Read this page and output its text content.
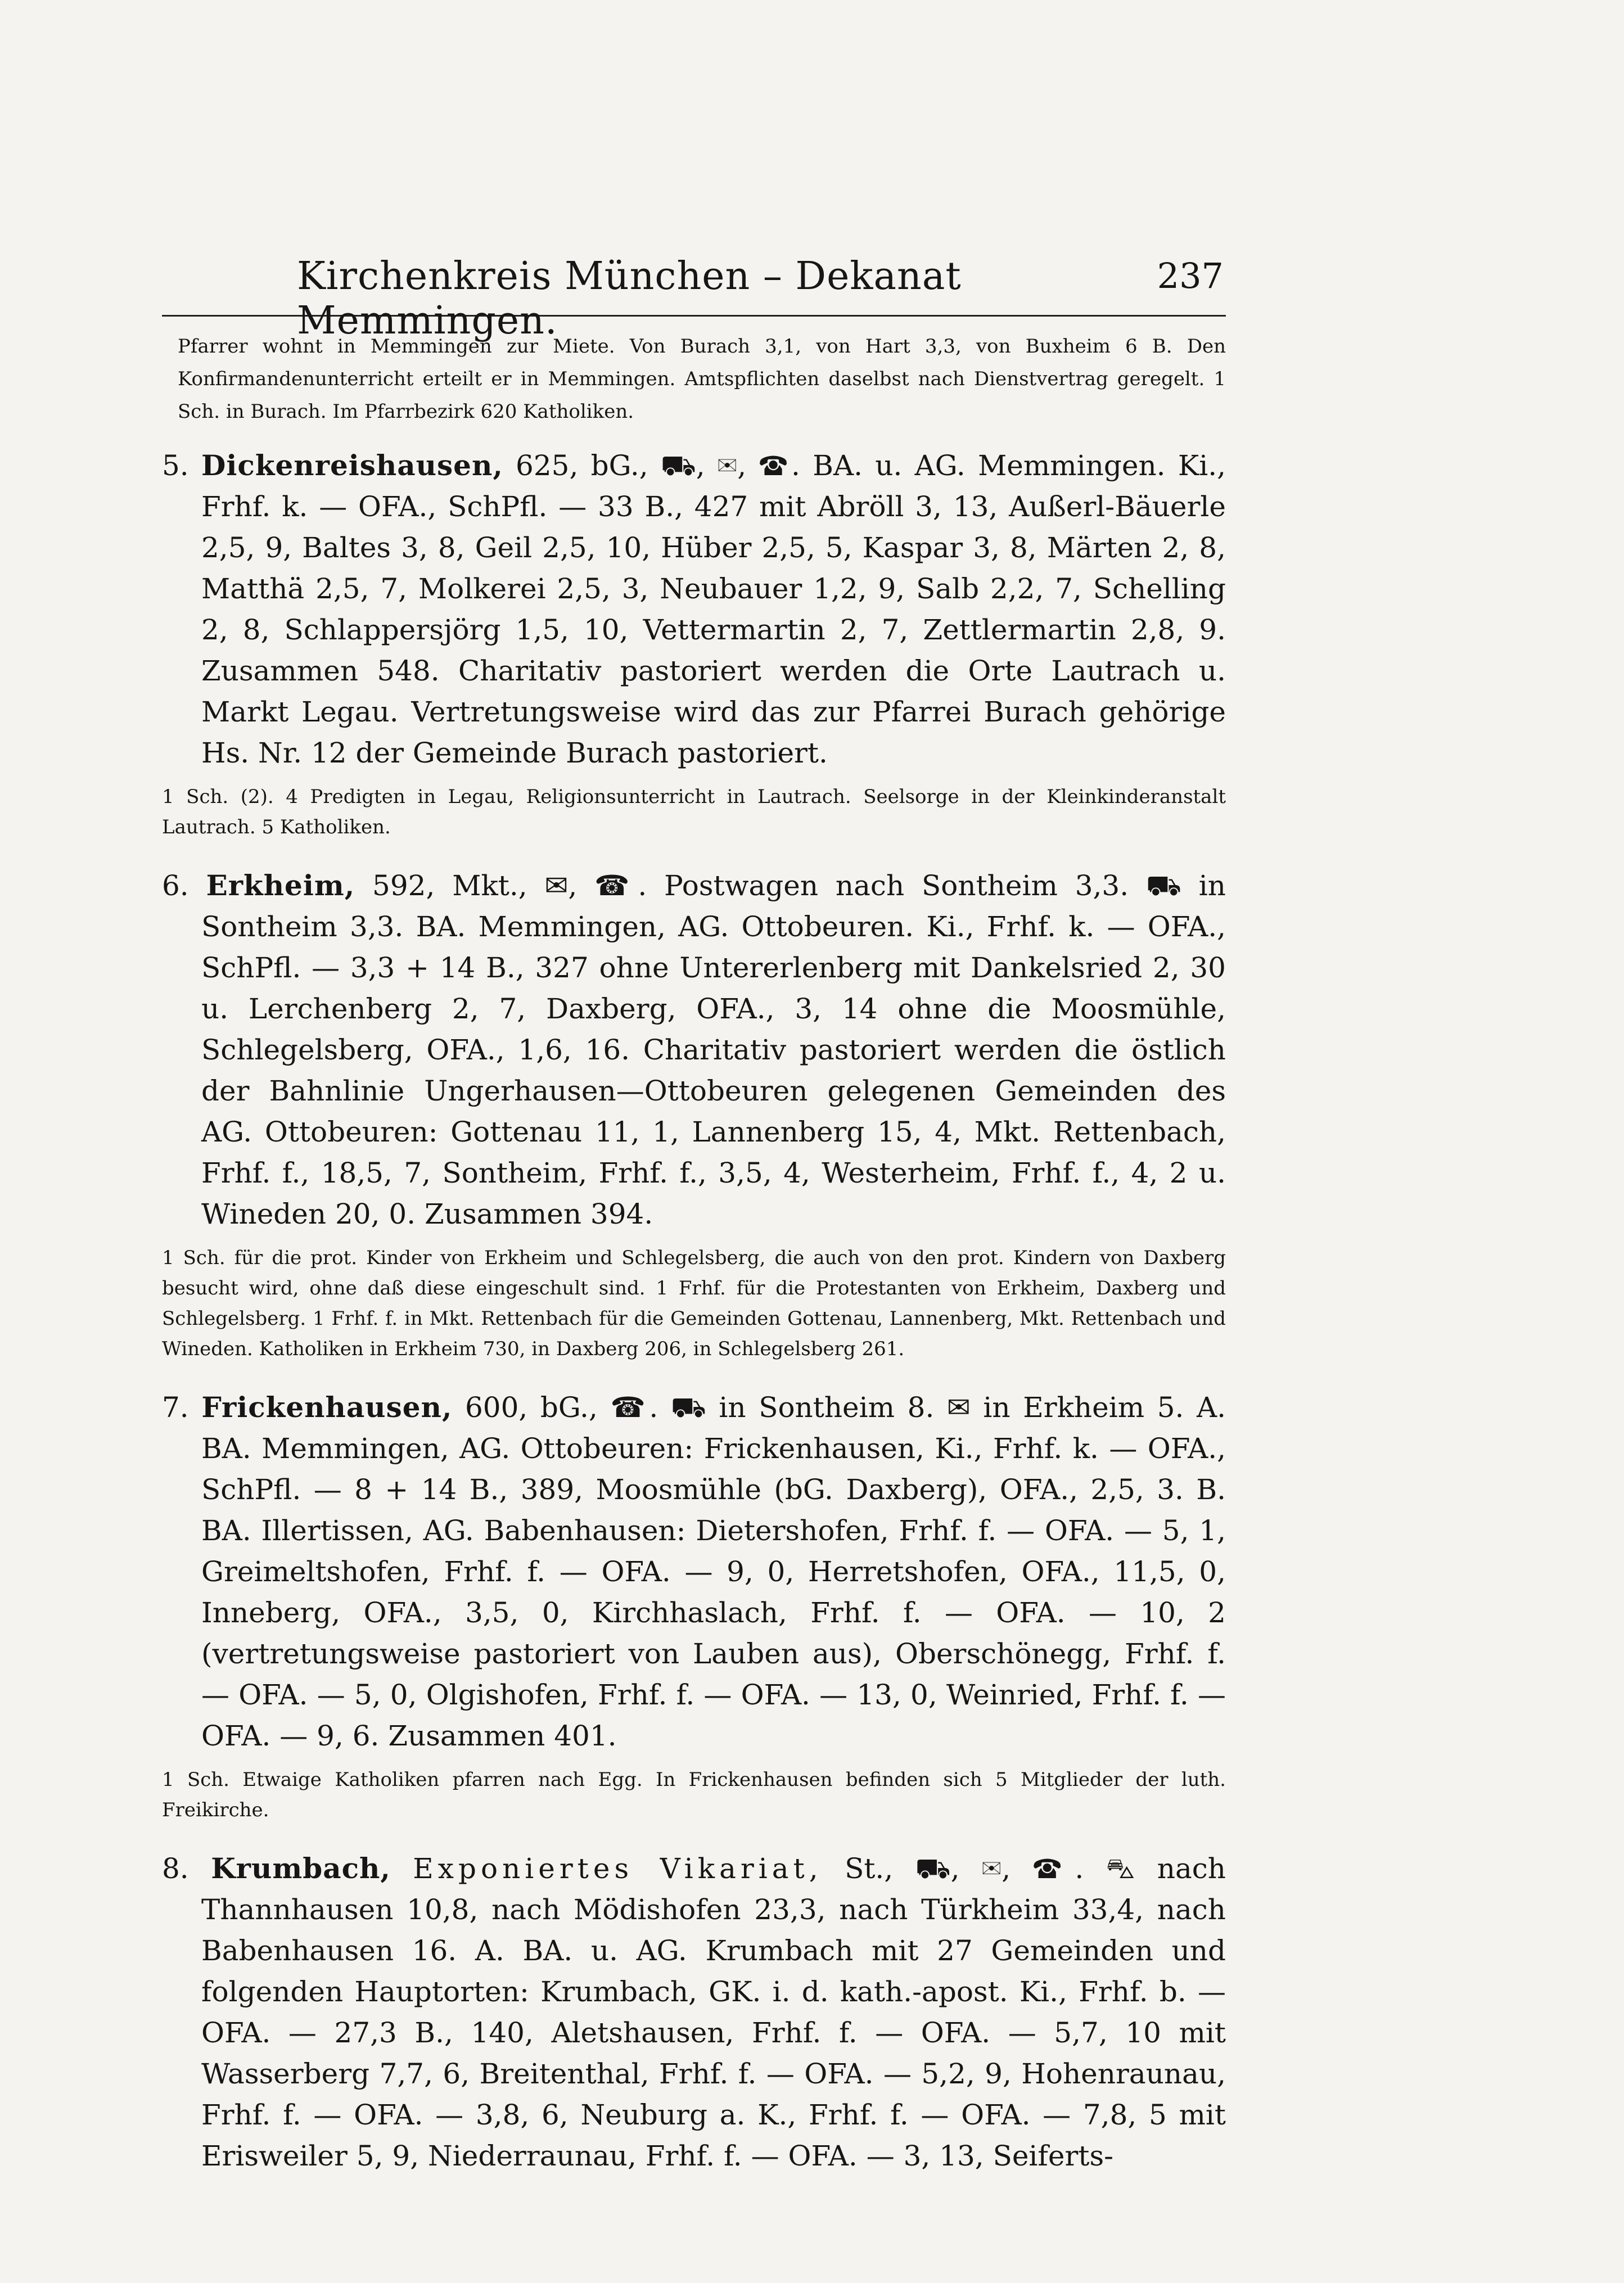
Kirchenkreis München – Dekanat Memmingen.
237

Pfarrer wohnt in Memmingen zur Miete. Von Burach 3,1, von Hart 3,3, von Buxheim 6 B. Den Konfirmandenunterricht erteilt er in Memmingen. Amtspflichten daselbst nach Dienstvertrag geregelt. 1 Sch. in Burach. Im Pfarrbezirk 620 Katholiken.

5. Dickenreishausen, 625, bG., ⛟, ✉, ☎. BA. u. AG. Memmingen. Ki., Frhf. k. — OFA., SchPfl. — 33 B., 427 mit Abröll 3, 13, Außerl-Bäuerle 2,5, 9, Baltes 3, 8, Geil 2,5, 10, Hüber 2,5, 5, Kaspar 3, 8, Märten 2, 8, Matthä 2,5, 7, Molkerei 2,5, 3, Neubauer 1,2, 9, Salb 2,2, 7, Schelling 2, 8, Schlappersjörg 1,5, 10, Vettermartin 2, 7, Zettlermartin 2,8, 9. Zusammen 548. Charitativ pastoriert werden die Orte Lautrach u. Markt Legau. Vertretungsweise wird das zur Pfarrei Burach gehörige Hs. Nr. 12 der Gemeinde Burach pastoriert.

1 Sch. (2). 4 Predigten in Legau, Religionsunterricht in Lautrach. Seelsorge in der Kleinkinderanstalt Lautrach. 5 Katholiken.

6. Erkheim, 592, Mkt., ✉, ☎. Postwagen nach Sontheim 3,3. ⛟ in Sontheim 3,3. BA. Memmingen, AG. Ottobeuren. Ki., Frhf. k. — OFA., SchPfl. — 3,3 + 14 B., 327 ohne Untererlenberg mit Dankelsried 2, 30 u. Lerchenberg 2, 7, Daxberg, OFA., 3, 14 ohne die Moosmühle, Schlegelsberg, OFA., 1,6, 16. Charitativ pastoriert werden die östlich der Bahnlinie Ungerhausen—Ottobeuren gelegenen Gemeinden des AG. Ottobeuren: Gottenau 11, 1, Lannenberg 15, 4, Mkt. Rettenbach, Frhf. f., 18,5, 7, Sontheim, Frhf. f., 3,5, 4, Westerheim, Frhf. f., 4, 2 u. Wineden 20, 0. Zusammen 394.

1 Sch. für die prot. Kinder von Erkheim und Schlegelsberg, die auch von den prot. Kindern von Daxberg besucht wird, ohne daß diese eingeschult sind. 1 Frhf. für die Protestanten von Erkheim, Daxberg und Schlegelsberg. 1 Frhf. f. in Mkt. Rettenbach für die Gemeinden Gottenau, Lannenberg, Mkt. Rettenbach und Wineden. Katholiken in Erkheim 730, in Daxberg 206, in Schlegelsberg 261.

7. Frickenhausen, 600, bG., ☎. ⛟ in Sontheim 8. ✉ in Erkheim 5. A. BA. Memmingen, AG. Ottobeuren: Frickenhausen, Ki., Frhf. k. — OFA., SchPfl. — 8 + 14 B., 389, Moosmühle (bG. Daxberg), OFA., 2,5, 3. B. BA. Illertissen, AG. Babenhausen: Dietershofen, Frhf. f. — OFA. — 5, 1, Greimeltshofen, Frhf. f. — OFA. — 9, 0, Herretshofen, OFA., 11,5, 0, Inneberg, OFA., 3,5, 0, Kirchhaslach, Frhf. f. — OFA. — 10, 2 (vertretungsweise pastoriert von Lauben aus), Oberschönegg, Frhf. f. — OFA. — 5, 0, Olgishofen, Frhf. f. — OFA. — 13, 0, Weinried, Frhf. f. — OFA. — 9, 6. Zusammen 401.

1 Sch. Etwaige Katholiken pfarren nach Egg. In Frickenhausen befinden sich 5 Mitglieder der luth. Freikirche.

8. Krumbach, Exponiertes Vikariat, St., ⛟, ✉, ☎. ⛍ nach Thannhausen 10,8, nach Mödishofen 23,3, nach Türkheim 33,4, nach Babenhausen 16. A. BA. u. AG. Krumbach mit 27 Gemeinden und folgenden Hauptorten: Krumbach, GK. i. d. kath.-apost. Ki., Frhf. b. — OFA. — 27,3 B., 140, Aletshausen, Frhf. f. — OFA. — 5,7, 10 mit Wasserberg 7,7, 6, Breitenthal, Frhf. f. — OFA. — 5,2, 9, Hohenraunau, Frhf. f. — OFA. — 3,8, 6, Neuburg a. K., Frhf. f. — OFA. — 7,8, 5 mit Erisweiler 5, 9, Niederraunau, Frhf. f. — OFA. — 3, 13, Seiferts-
